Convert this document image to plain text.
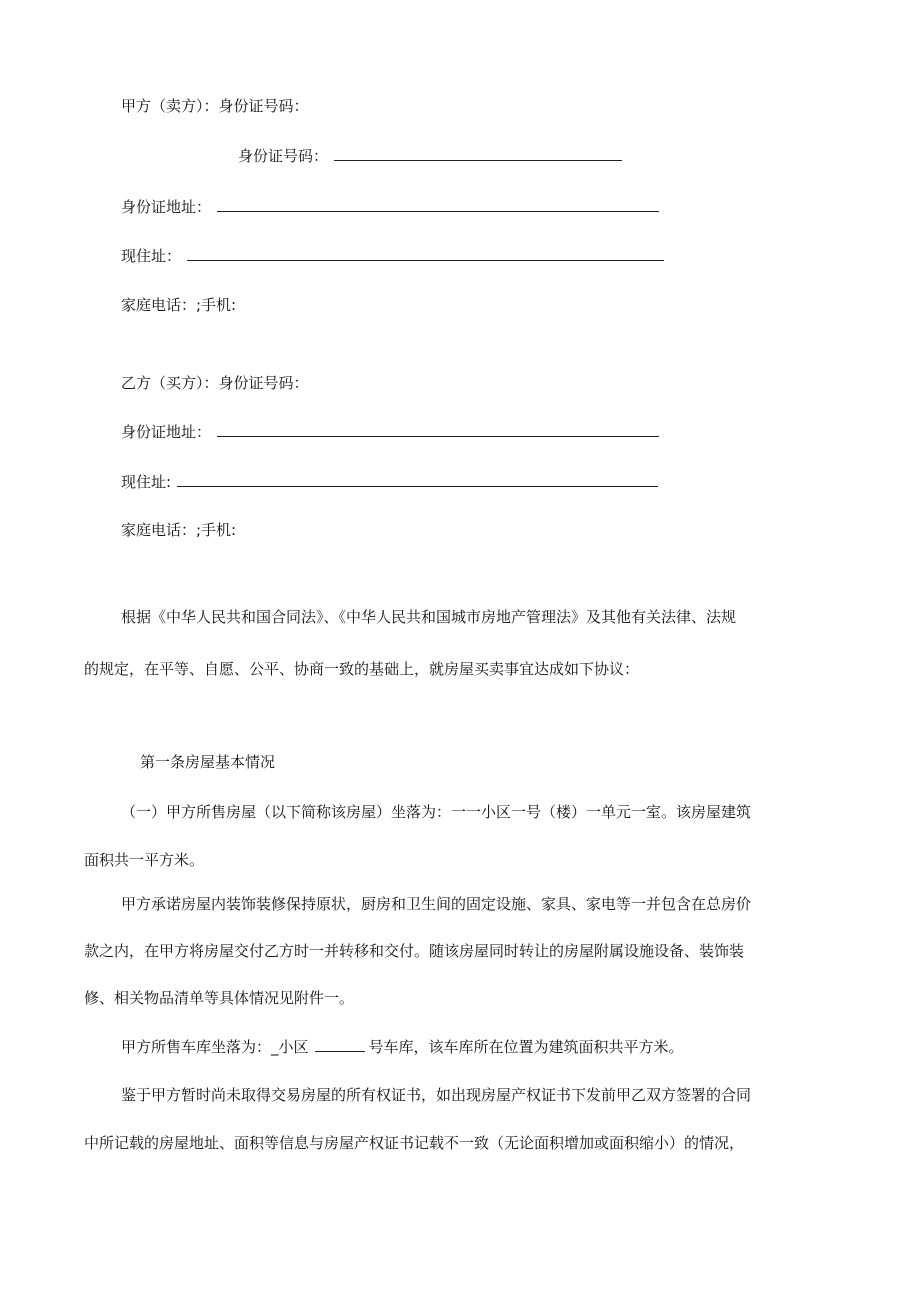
甲方（卖方）：身份证号码：
身份证号码：
身份证地址：
现住址：
家庭电话：;手机:
乙方（买方）：身份证号码：
身份证地址：
现住址:
家庭电话：;手机:
根据《中华人民共和国合同法》、《中华人民共和国城市房地产管理法》及其他有关法律、法规
的规定，在平等、自愿、公平、协商一致的基础上，就房屋买卖事宜达成如下协议：
第一条房屋基本情况
（一）甲方所售房屋（以下简称该房屋）坐落为：一一小区一号（楼）一单元一室。该房屋建筑
面积共一平方米。
甲方承诺房屋内装饰装修保持原状，厨房和卫生间的固定设施、家具、家电等一并包含在总房价
款之内，在甲方将房屋交付乙方时一并转移和交付。随该房屋同时转让的房屋附属设施设备、装饰装
修、相关物品清单等具体情况见附件一。
甲方所售车库坐落为：_小区	号车库，该车库所在位置为建筑面积共平方米。
鉴于甲方暂时尚未取得交易房屋的所有权证书，如出现房屋产权证书下发前甲乙双方签署的合同
中所记载的房屋地址、面积等信息与房屋产权证书记载不一致（无论面积增加或面积缩小）的情况，
